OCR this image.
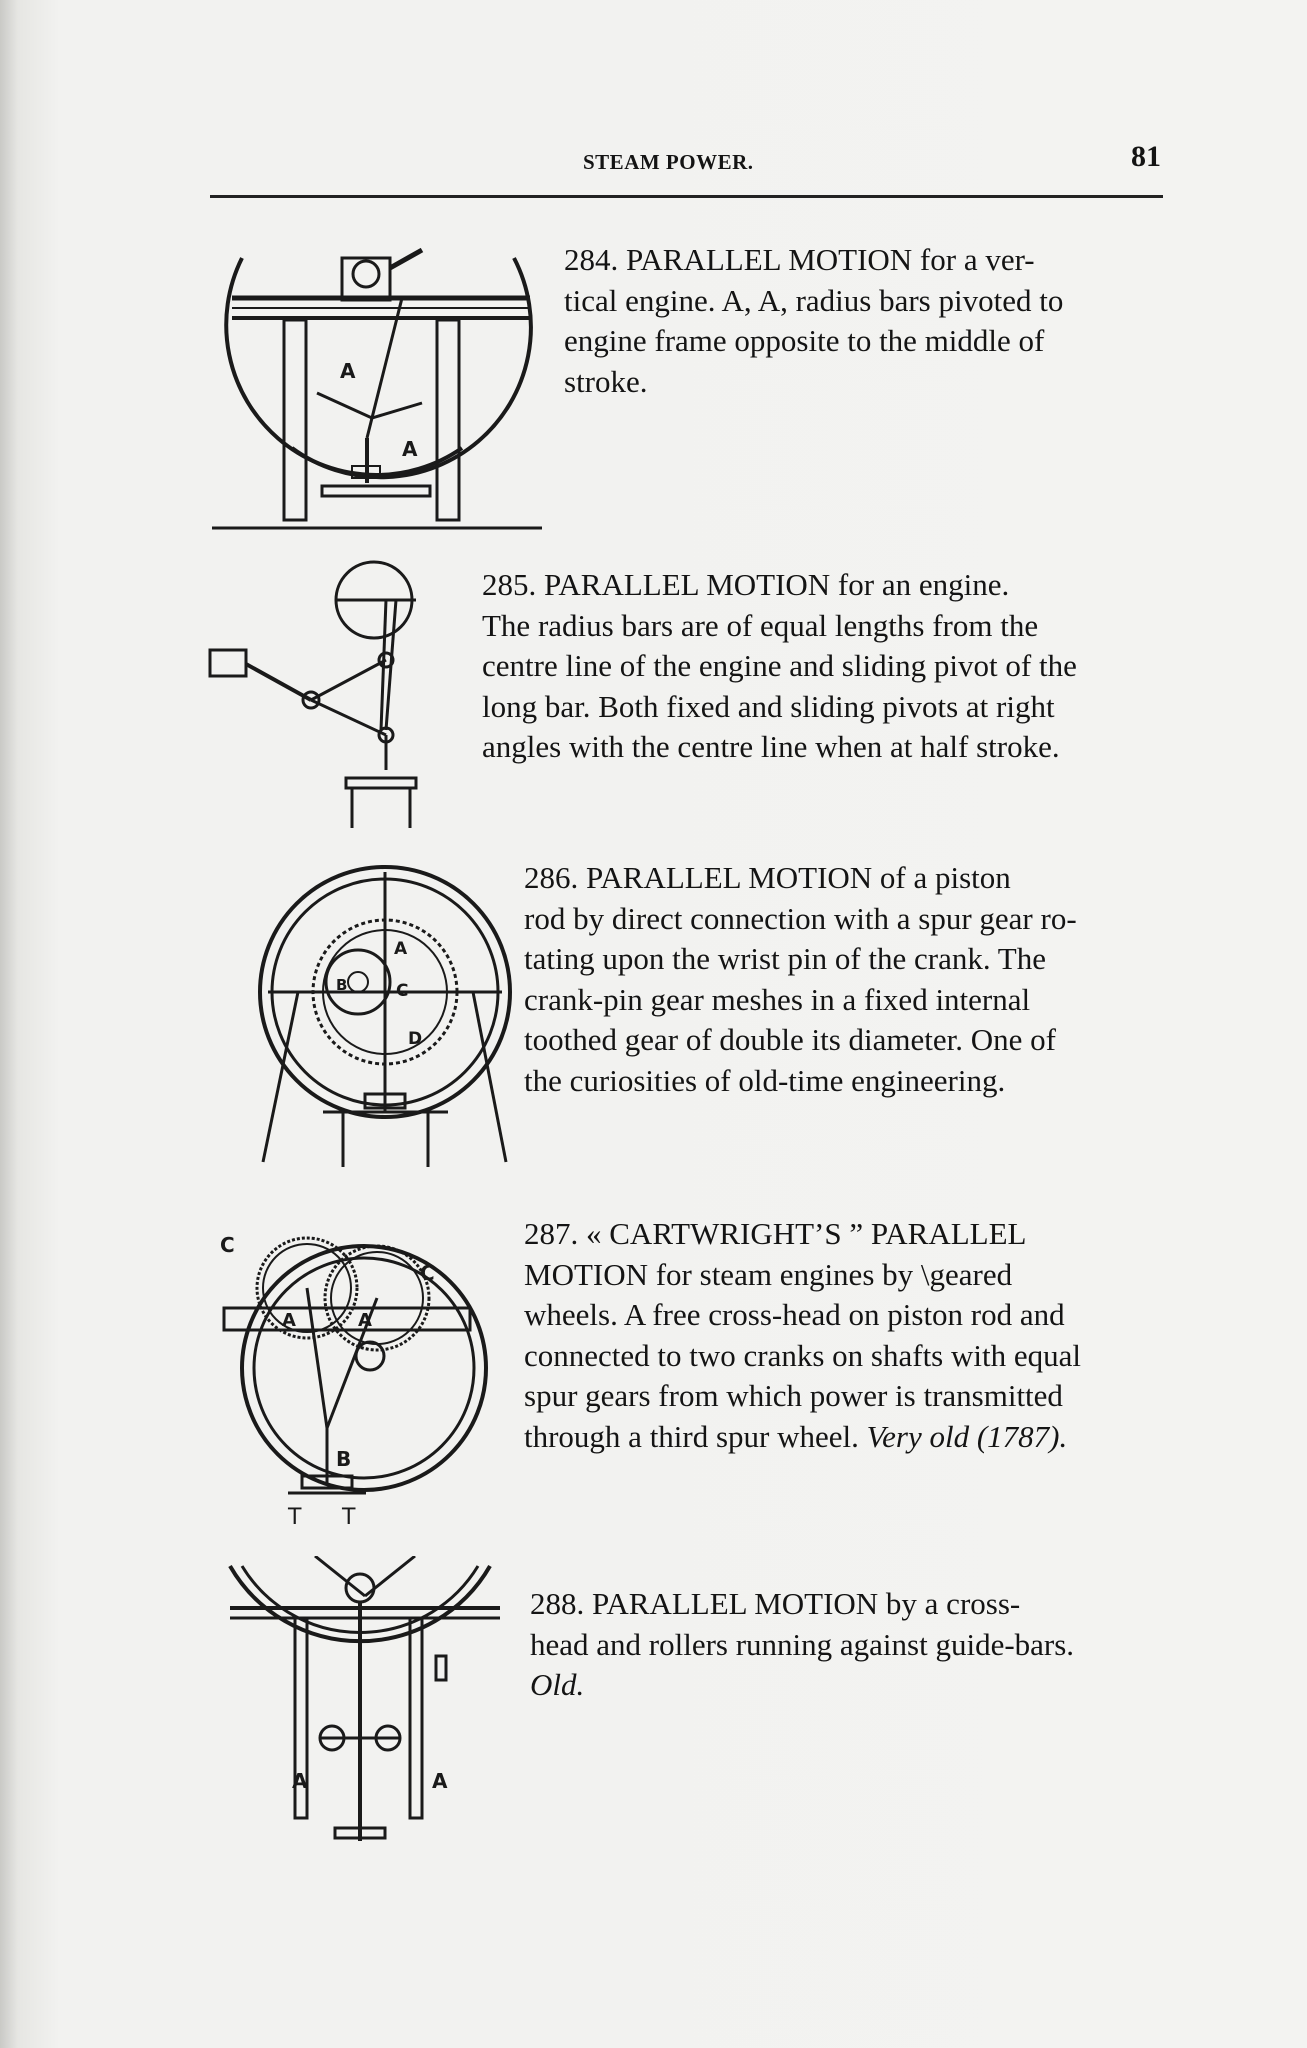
STEAM POWER.	81
284. PARALLEL MOTION for a ver-
tical engine. A, A, radius bars pivoted to
engine frame opposite to the middle of
stroke.
285. PARALLEL MOTION for an engine.
The radius bars are of equal lengths from the
centre line of the engine and sliding pivot of the
long bar. Both fixed and sliding pivots at right
angles with the centre line when at half stroke.
286. PARALLEL MOTION of a piston
rod by direct connection with a spur gear ro-
tating upon the wrist pin of the crank. The
crank-pin gear meshes in a fixed internal
toothed gear of double its diameter. One of
the curiosities of old-time engineering.
287. « CARTWRIGHT’S ” PARALLEL
MOTION for steam engines by \geared
wheels. A free cross-head on piston rod and
connected to two cranks on shafts with equal
spur gears from which power is transmitted
through a third spur wheel. Very old (1787).
288. PARALLEL MOTION by a cross-
head and rollers running against guide-bars.
Old.
A
A
A
B	C
D
C
C
A	A
B
T T
A	A
